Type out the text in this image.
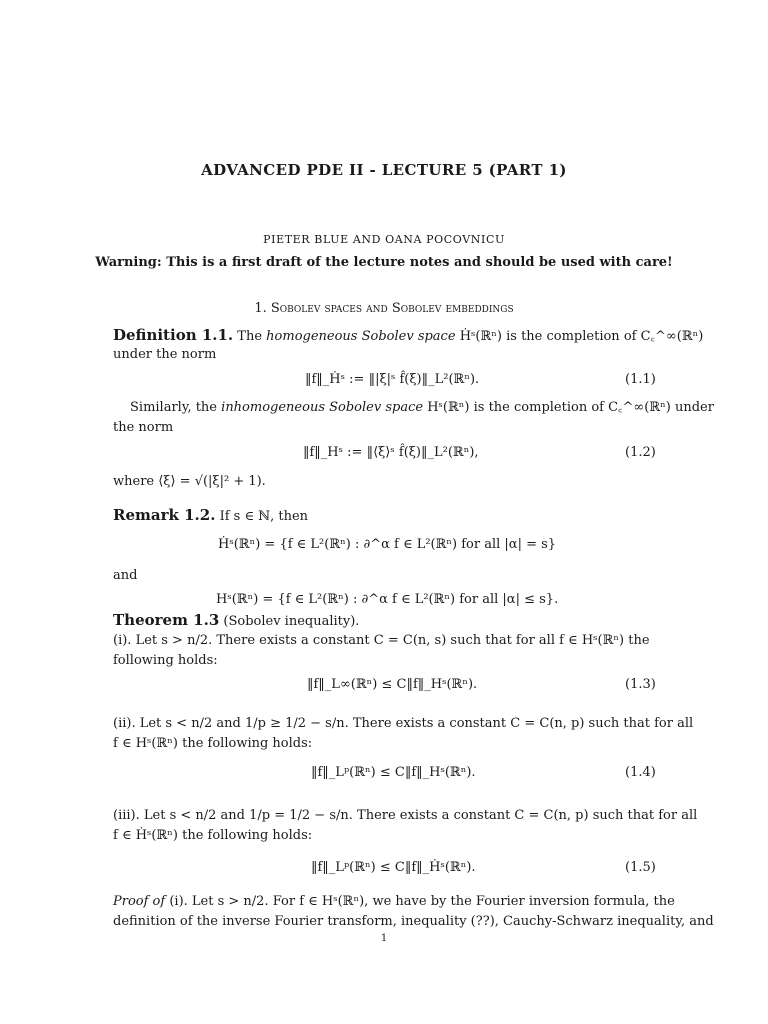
ADVANCED PDE II - LECTURE 5 (PART 1)
PIETER BLUE AND OANA POCOVNICU
Warning: This is a first draft of the lecture notes and should be used with care!
1. Sobolev spaces and Sobolev embeddings
Definition 1.1. The homogeneous Sobolev space Ḣˢ(ℝⁿ) is the completion of C꜀^∞(ℝⁿ)
under the norm
‖f‖_Ḣˢ := ‖|ξ|ˢ f̂(ξ)‖_L²(ℝⁿ).	(1.1)
Similarly, the inhomogeneous Sobolev space Hˢ(ℝⁿ) is the completion of C꜀^∞(ℝⁿ) under
the norm
‖f‖_Hˢ := ‖⟨ξ⟩ˢ f̂(ξ)‖_L²(ℝⁿ),	(1.2)
where ⟨ξ⟩ = √(|ξ|² + 1).
Remark 1.2. If s ∈ ℕ, then
Ḣˢ(ℝⁿ) = {f ∈ L²(ℝⁿ) : ∂^α f ∈ L²(ℝⁿ) for all |α| = s}
and
Hˢ(ℝⁿ) = {f ∈ L²(ℝⁿ) : ∂^α f ∈ L²(ℝⁿ) for all |α| ≤ s}.
Theorem 1.3 (Sobolev inequality).
(i). Let s > n/2. There exists a constant C = C(n, s) such that for all f ∈ Hˢ(ℝⁿ) the
following holds:
‖f‖_L∞(ℝⁿ) ≤ C‖f‖_Hˢ(ℝⁿ).	(1.3)
(ii). Let s < n/2 and 1/p ≥ 1/2 − s/n. There exists a constant C = C(n, p) such that for all
f ∈ Hˢ(ℝⁿ) the following holds:
‖f‖_Lᵖ(ℝⁿ) ≤ C‖f‖_Hˢ(ℝⁿ).	(1.4)
(iii). Let s < n/2 and 1/p = 1/2 − s/n. There exists a constant C = C(n, p) such that for all
f ∈ Ḣˢ(ℝⁿ) the following holds:
‖f‖_Lᵖ(ℝⁿ) ≤ C‖f‖_Ḣˢ(ℝⁿ).	(1.5)
Proof of (i). Let s > n/2. For f ∈ Hˢ(ℝⁿ), we have by the Fourier inversion formula, the
definition of the inverse Fourier transform, inequality (??), Cauchy-Schwarz inequality, and
1
